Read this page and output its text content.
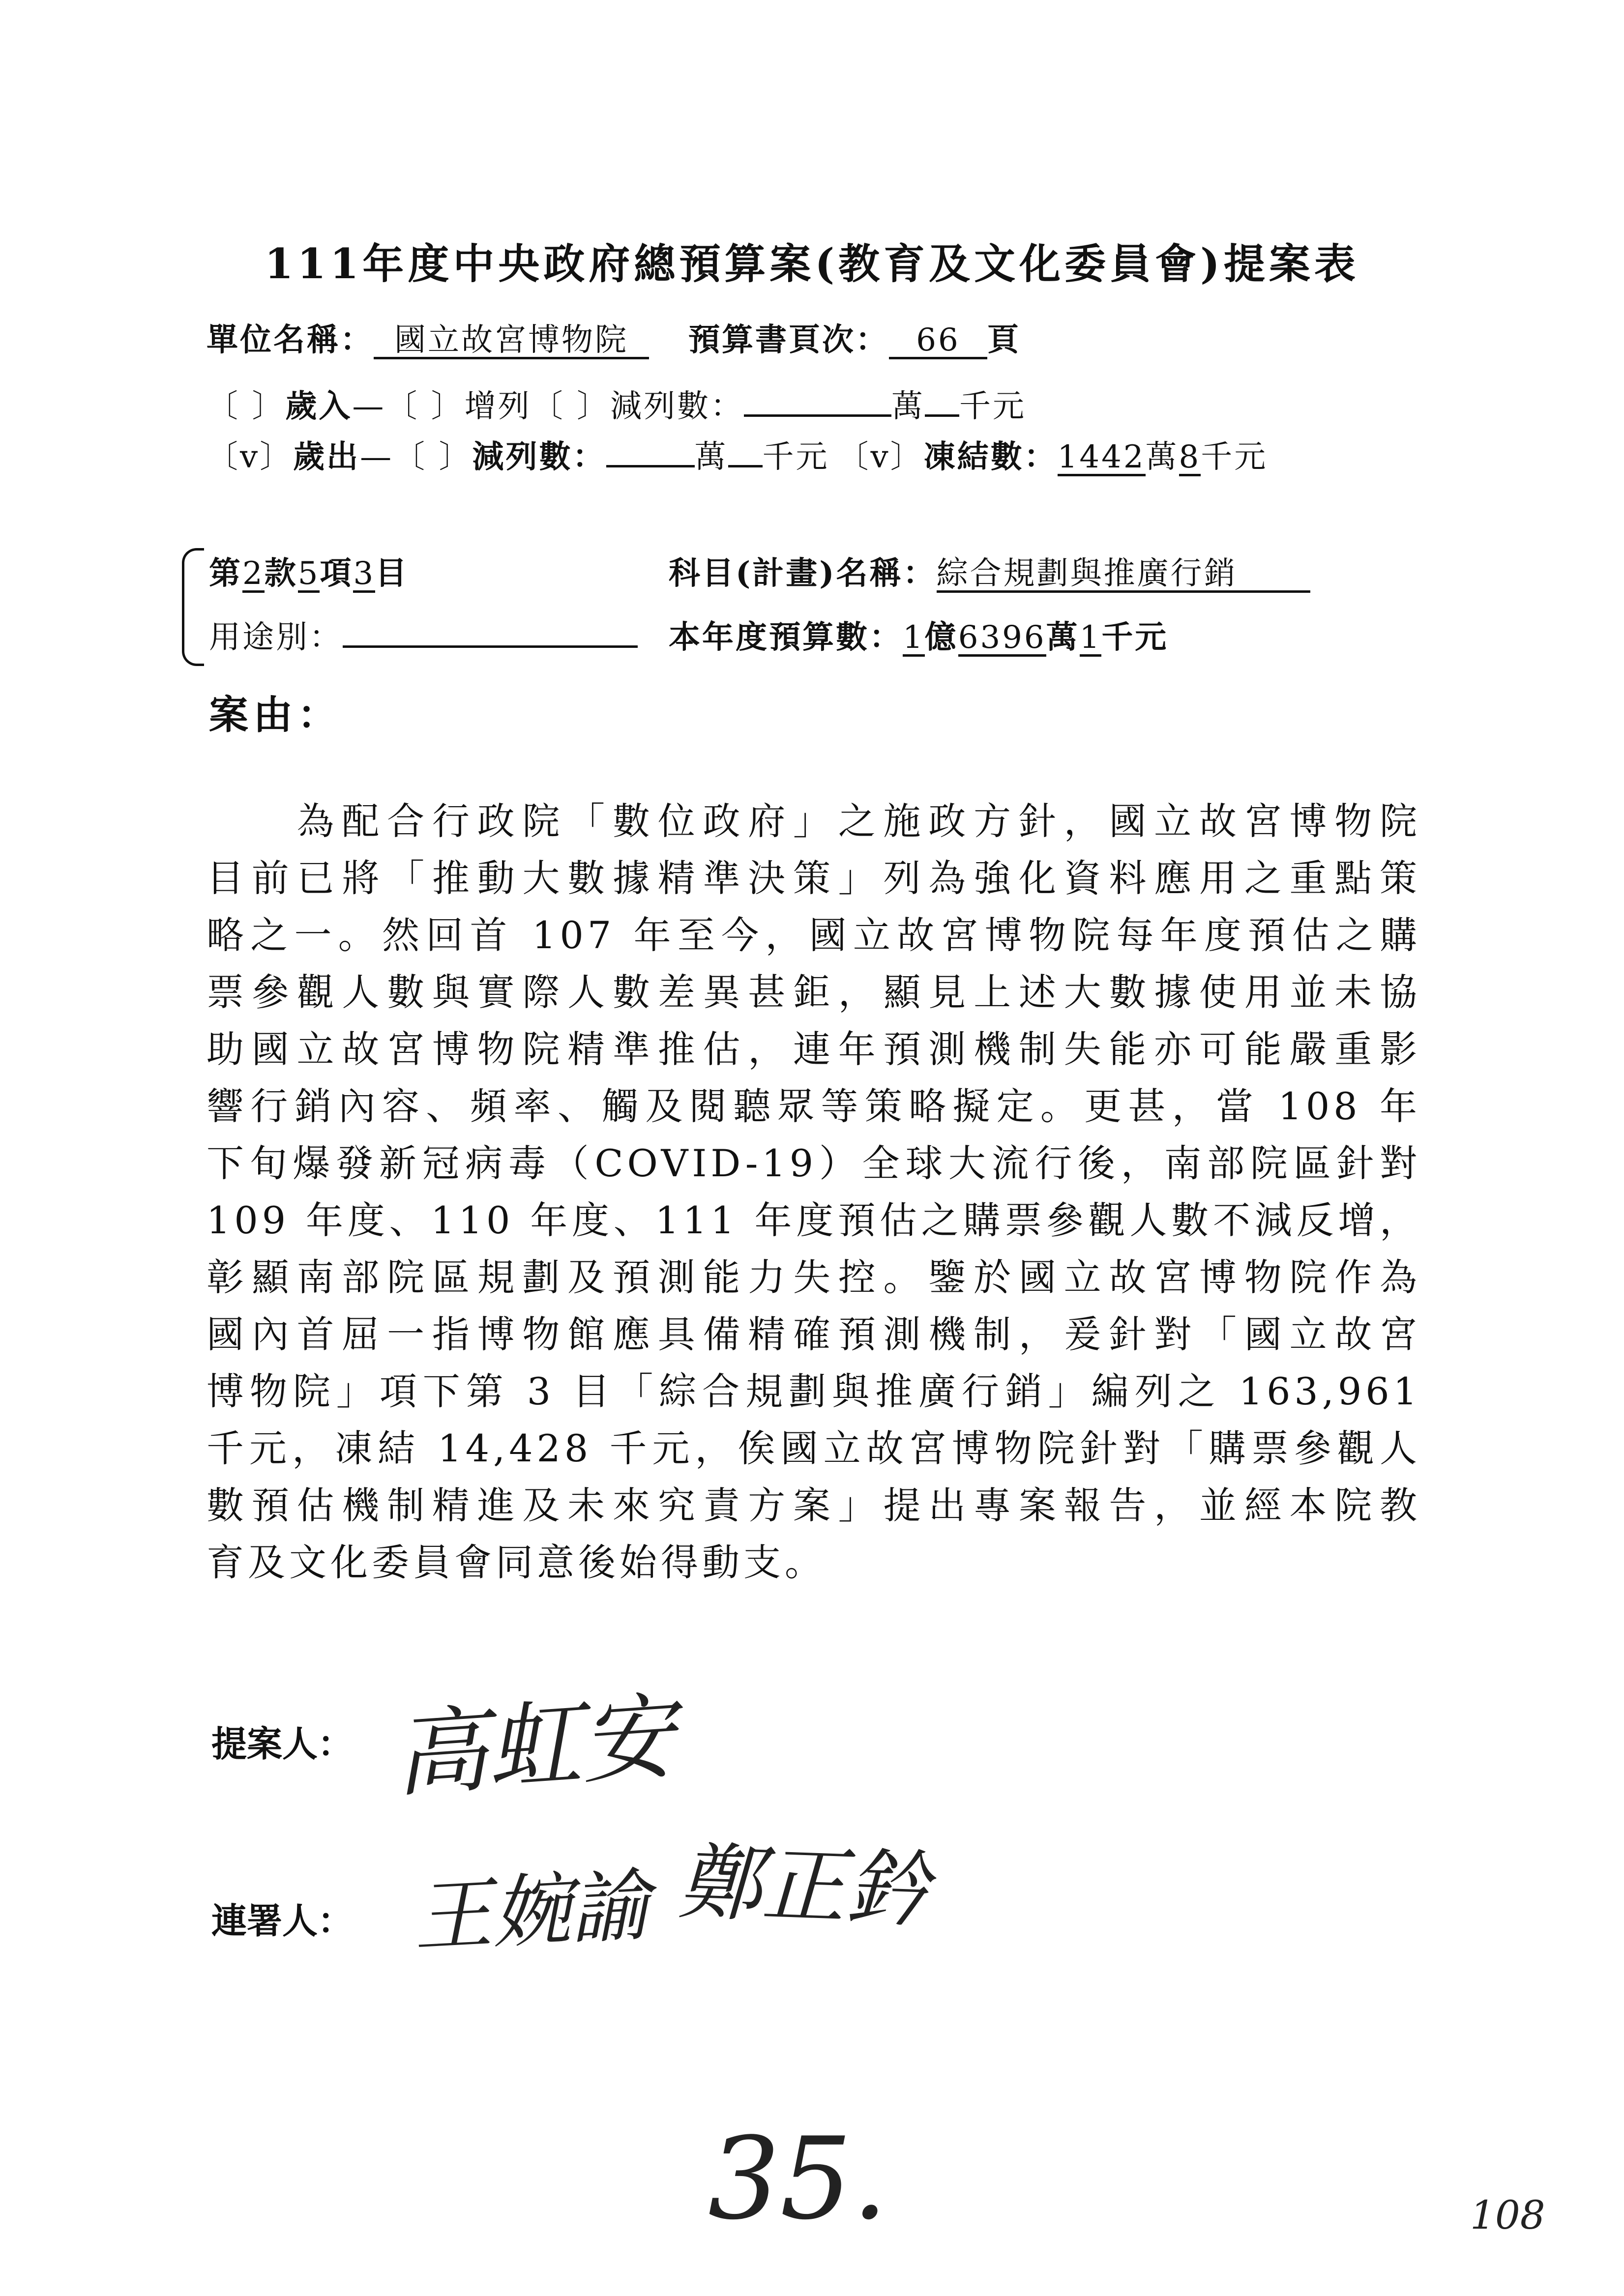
111年度中央政府總預算案(教育及文化委員會)提案表
單位名稱： 國立故宮博物院 預算書頁次： 66 頁
〔 〕歲入—〔 〕增列〔 〕減列數：	萬 千元
〔v〕歲出—〔 〕減列數：	萬 千元 〔v〕凍結數：1442萬8千元
第2款5項3目	科目(計畫)名稱：綜合規劃與推廣行銷
用途別：	本年度預算數：1億6396萬1千元
案由：
　　為配合行政院「數位政府」之施政方針，國立故宮博物院
目前已將「推動大數據精準決策」列為強化資料應用之重點策
略之一。然回首 107 年至今，國立故宮博物院每年度預估之購
票參觀人數與實際人數差異甚鉅，顯見上述大數據使用並未協
助國立故宮博物院精準推估，連年預測機制失能亦可能嚴重影
響行銷內容、頻率、觸及閱聽眾等策略擬定。更甚，當 108 年
下旬爆發新冠病毒（COVID-19）全球大流行後，南部院區針對
109 年度、110 年度、111 年度預估之購票參觀人數不減反增，
彰顯南部院區規劃及預測能力失控。鑒於國立故宮博物院作為
國內首屈一指博物館應具備精確預測機制，爰針對「國立故宮
博物院」項下第 3 目「綜合規劃與推廣行銷」編列之 163,961
千元，凍結 14,428 千元，俟國立故宮博物院針對「購票參觀人
數預估機制精進及未來究責方案」提出專案報告，並經本院教
育及文化委員會同意後始得動支。
提案人： 高虹安
連署人： 王婉諭 鄭正鈐
35.	108
